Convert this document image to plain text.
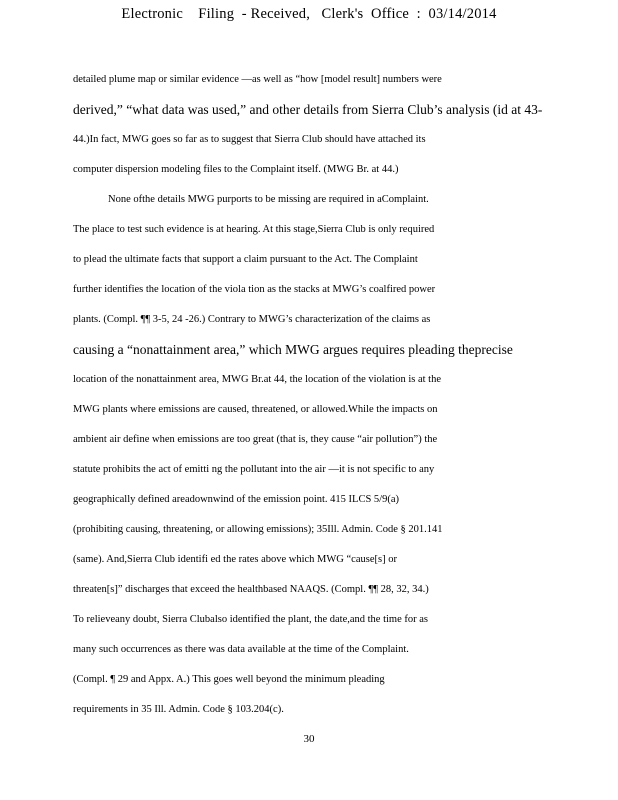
Electronic    Filing  - Received,   Clerk's  Office  :  03/14/2014
detailed plume map or similar evidence —as well as “how [model result] numbers were
derived,” “what data was used,” and other details from Sierra Club’s analysis (id at 43-
44.)In fact, MWG goes so far as to suggest that Sierra Club should have attached its
computer dispersion modeling files to the Complaint itself. (MWG Br. at 44.)
None ofthe details MWG purports to be missing are required in aComplaint.
The place to test such evidence is at hearing. At this stage,Sierra Club is only required
to plead the ultimate facts that support a claim pursuant to the Act. The Complaint
further identifies the location of the viola tion as the stacks at MWG’s coalfired power
plants. (Compl. ¶¶ 3-5, 24 -26.) Contrary to MWG’s characterization of the claims as
causing a “nonattainment area,” which MWG argues requires pleading theprecise
location of the nonattainment area, MWG Br.at 44, the location of the violation is at the
MWG plants where emissions are caused, threatened, or allowed.While the impacts on
ambient air define when emissions are too great (that is, they cause “air pollution”) the
statute prohibits the act of emitti ng the pollutant into the air —it is not specific to any
geographically defined areadownwind of the emission point. 415 ILCS 5/9(a)
(prohibiting causing, threatening, or allowing emissions); 35Ill. Admin. Code § 201.141
(same). And,Sierra Club identifi ed the rates above which MWG “cause[s] or
threaten[s]” discharges that exceed the healthbased NAAQS. (Compl. ¶¶ 28, 32, 34.)
To relieveany doubt, Sierra Clubalso identified the plant, the date,and the time for as
many such occurrences as there was data available at the time of the Complaint.
(Compl. ¶ 29 and Appx. A.) This goes well beyond the minimum pleading
requirements in 35 Ill. Admin. Code § 103.204(c).
30
